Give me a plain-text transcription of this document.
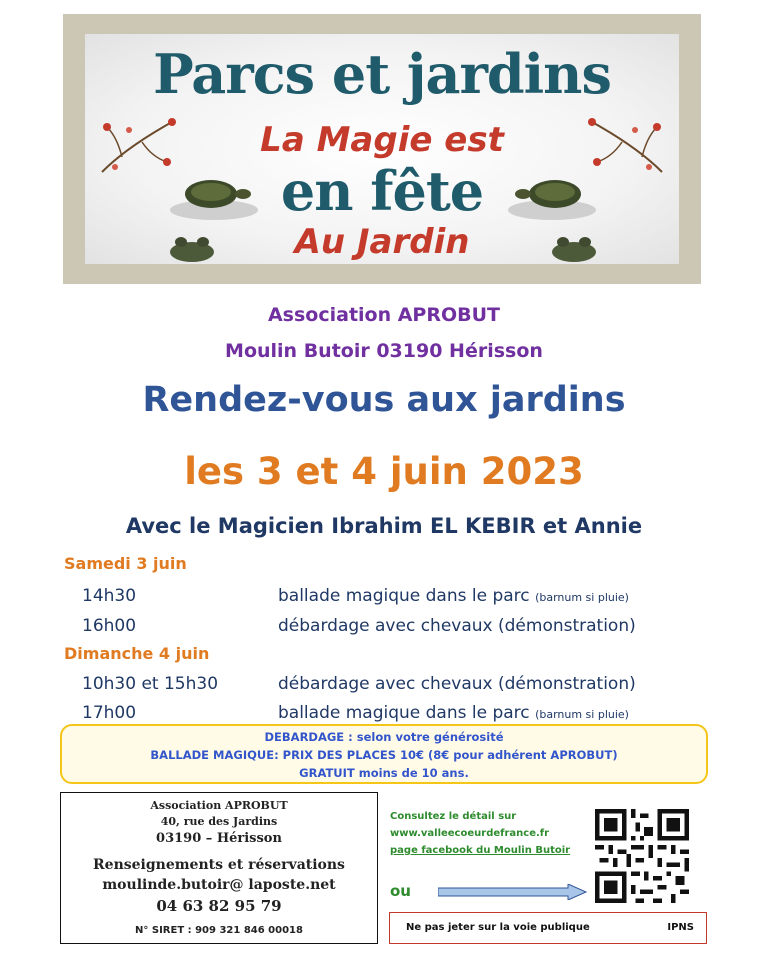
Parcs et jardins
La Magie est
en fête
Au Jardin
Association APROBUT
Moulin Butoir 03190 Hérisson
Rendez-vous aux jardins
les 3 et 4 juin 2023
Avec le Magicien Ibrahim EL KEBIR et Annie
Samedi 3 juin
14h30	ballade magique dans le parc (barnum si pluie)
16h00	débardage avec chevaux (démonstration)
Dimanche 4 juin
10h30 et 15h30	débardage avec chevaux (démonstration)
17h00	ballade magique dans le parc (barnum si pluie)
DEBARDAGE : selon votre générosité
BALLADE MAGIQUE: PRIX DES PLACES 10€ (8€ pour adhérent APROBUT)
GRATUIT moins de 10 ans.
Association APROBUT
40, rue des Jardins
03190 – Hérisson
Renseignements et réservations
moulinde.butoir@ laposte.net
04 63 82 95 79
N° SIRET : 909 321 846 00018
Consultez le détail sur
www.valleecoeurdefrance.fr
page facebook du Moulin Butoir
ou
Ne pas jeter sur la voie publique	IPNS
